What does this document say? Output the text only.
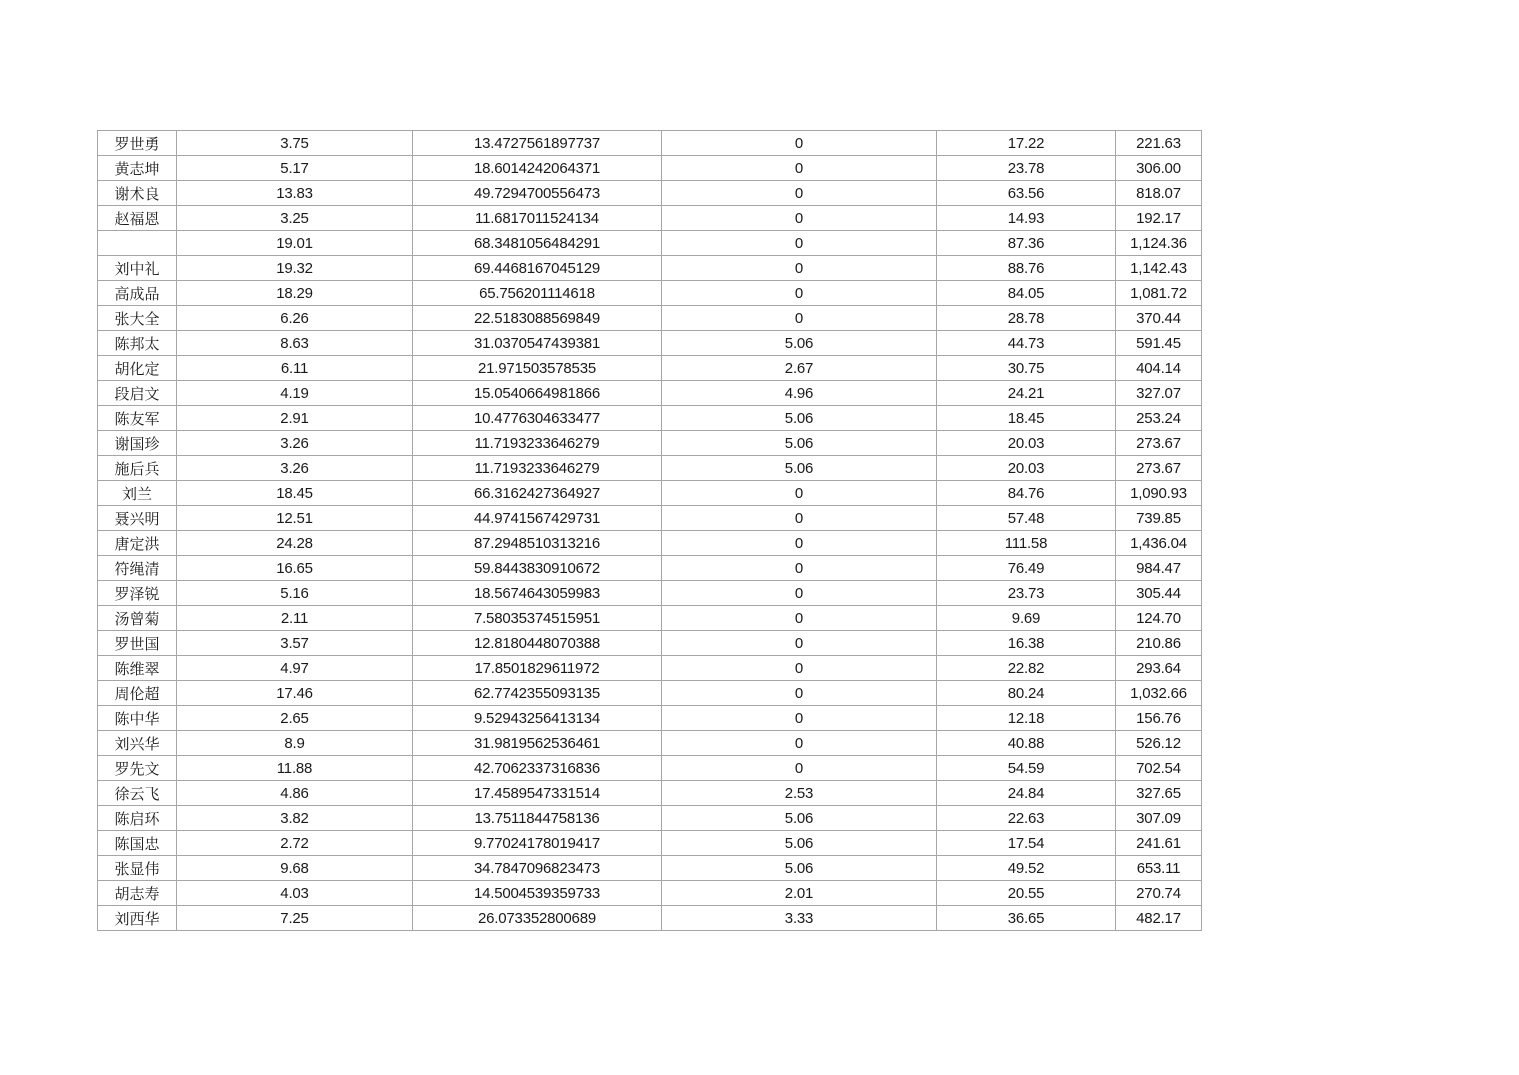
罗世勇	3.75	13.4727561897737	0	17.22	221.63
黄志坤	5.17	18.6014242064371	0	23.78	306.00
谢术良	13.83	49.7294700556473	0	63.56	818.07
赵福恩	3.25	11.6817011524134	0	14.93	192.17
	19.01	68.3481056484291	0	87.36	1,124.36
刘中礼	19.32	69.4468167045129	0	88.76	1,142.43
高成品	18.29	65.756201114618	0	84.05	1,081.72
张大全	6.26	22.5183088569849	0	28.78	370.44
陈邦太	8.63	31.0370547439381	5.06	44.73	591.45
胡化定	6.11	21.971503578535	2.67	30.75	404.14
段启文	4.19	15.0540664981866	4.96	24.21	327.07
陈友军	2.91	10.4776304633477	5.06	18.45	253.24
谢国珍	3.26	11.7193233646279	5.06	20.03	273.67
施后兵	3.26	11.7193233646279	5.06	20.03	273.67
刘兰	18.45	66.3162427364927	0	84.76	1,090.93
聂兴明	12.51	44.9741567429731	0	57.48	739.85
唐定洪	24.28	87.2948510313216	0	111.58	1,436.04
符绳清	16.65	59.8443830910672	0	76.49	984.47
罗泽锐	5.16	18.5674643059983	0	23.73	305.44
汤曾菊	2.11	7.58035374515951	0	9.69	124.70
罗世国	3.57	12.8180448070388	0	16.38	210.86
陈维翠	4.97	17.8501829611972	0	22.82	293.64
周伦超	17.46	62.7742355093135	0	80.24	1,032.66
陈中华	2.65	9.52943256413134	0	12.18	156.76
刘兴华	8.9	31.9819562536461	0	40.88	526.12
罗先文	11.88	42.7062337316836	0	54.59	702.54
徐云飞	4.86	17.4589547331514	2.53	24.84	327.65
陈启环	3.82	13.7511844758136	5.06	22.63	307.09
陈国忠	2.72	9.77024178019417	5.06	17.54	241.61
张显伟	9.68	34.7847096823473	5.06	49.52	653.11
胡志寿	4.03	14.5004539359733	2.01	20.55	270.74
刘西华	7.25	26.073352800689	3.33	36.65	482.17
